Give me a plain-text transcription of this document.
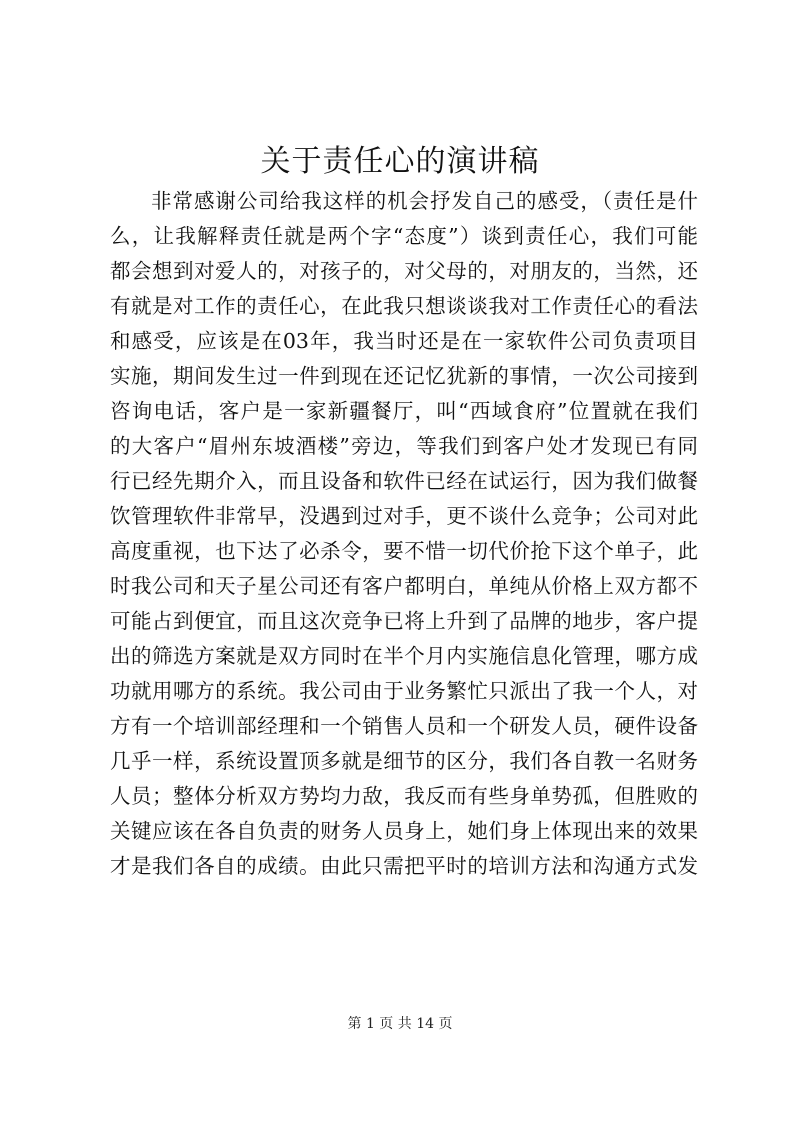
关于责任心的演讲稿
非常感谢公司给我这样的机会抒发自己的感受，（责任是什
么，让我解释责任就是两个字“态度”）谈到责任心，我们可能
都会想到对爱人的，对孩子的，对父母的，对朋友的，当然，还
有就是对工作的责任心，在此我只想谈谈我对工作责任心的看法
和感受，应该是在03年，我当时还是在一家软件公司负责项目
实施，期间发生过一件到现在还记忆犹新的事情，一次公司接到
咨询电话，客户是一家新疆餐厅，叫“西域食府”位置就在我们
的大客户“眉州东坡酒楼”旁边，等我们到客户处才发现已有同
行已经先期介入，而且设备和软件已经在试运行，因为我们做餐
饮管理软件非常早，没遇到过对手，更不谈什么竞争；公司对此
高度重视，也下达了必杀令，要不惜一切代价抢下这个单子，此
时我公司和天子星公司还有客户都明白，单纯从价格上双方都不
可能占到便宜，而且这次竞争已将上升到了品牌的地步，客户提
出的筛选方案就是双方同时在半个月内实施信息化管理，哪方成
功就用哪方的系统。我公司由于业务繁忙只派出了我一个人，对
方有一个培训部经理和一个销售人员和一个研发人员，硬件设备
几乎一样，系统设置顶多就是细节的区分，我们各自教一名财务
人员；整体分析双方势均力敌，我反而有些身单势孤，但胜败的
关键应该在各自负责的财务人员身上，她们身上体现出来的效果
才是我们各自的成绩。由此只需把平时的培训方法和沟通方式发
第 1 页 共 14 页
